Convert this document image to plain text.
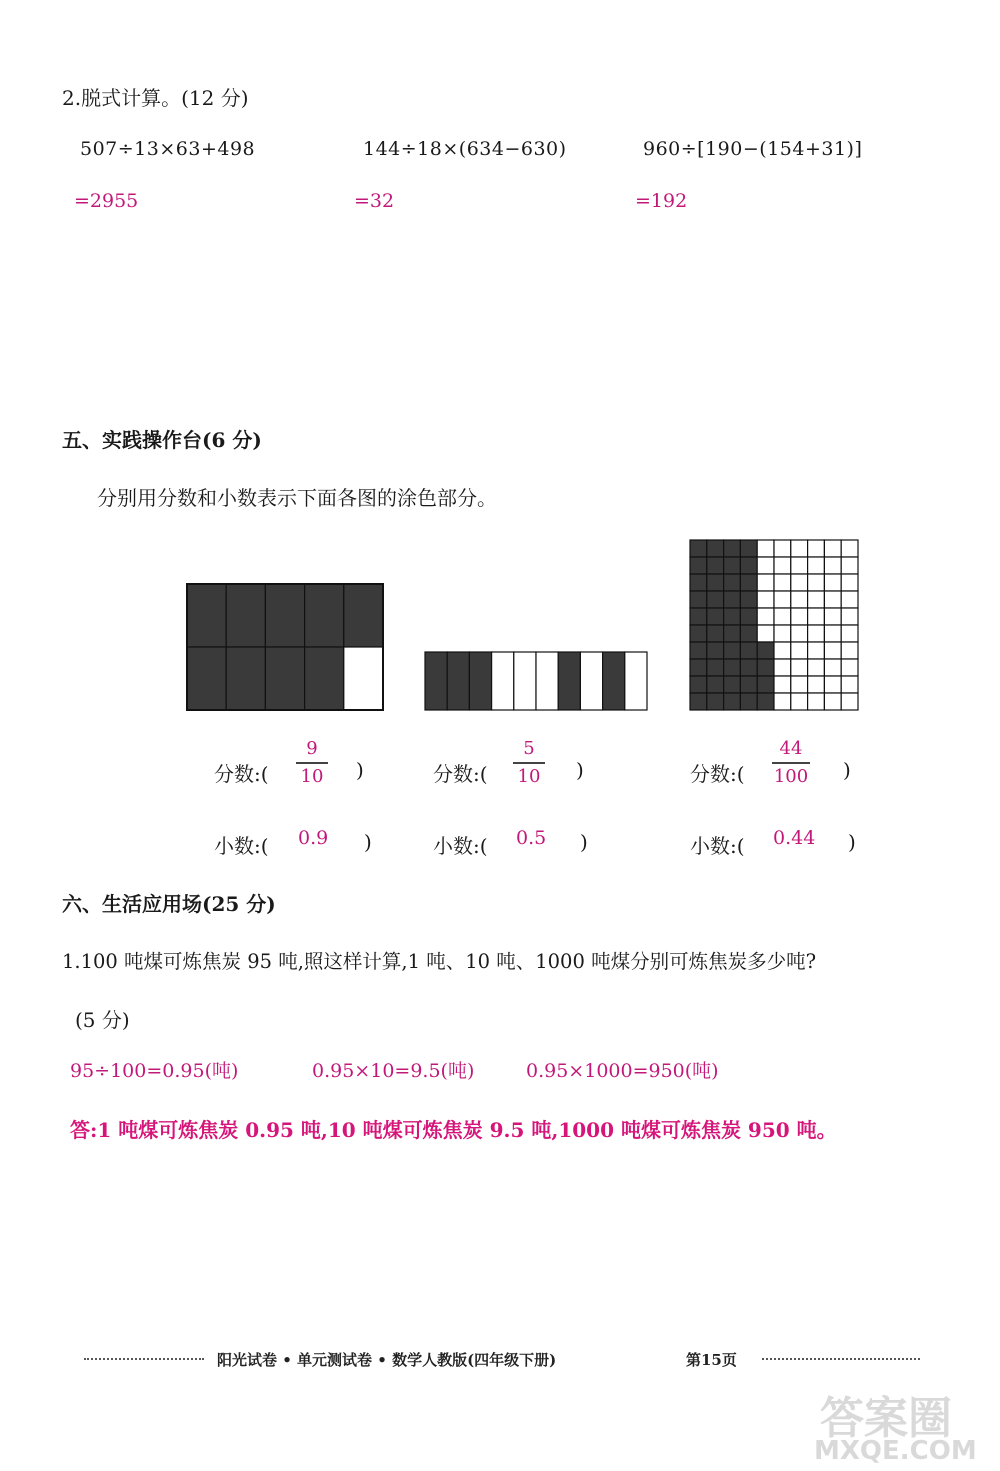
2.脱式计算。(12 分)
507÷13×63+498	144÷18×(634−630)	960÷[190−(154+31)]
=2955	=32	=192
五、实践操作台(6 分)
分别用分数和小数表示下面各图的涂色部分。
分数:(
9
10 )	分数:(
5
10 )	分数:(
44
100 )
小数:( 0.9 )	小数:( 0.5 )	小数:( 0.44 )
六、生活应用场(25 分)
1.100 吨煤可炼焦炭 95 吨,照这样计算,1 吨、10 吨、1000 吨煤分别可炼焦炭多少吨?
(5 分)
95÷100=0.95(吨)	0.95×10=9.5(吨)	0.95×1000=950(吨)
答:1 吨煤可炼焦炭 0.95 吨,10 吨煤可炼焦炭 9.5 吨,1000 吨煤可炼焦炭 950 吨。
阳光试卷 • 单元测试卷 • 数学人教版(四年级下册)	第15页
答案圈
MXQE.COM
